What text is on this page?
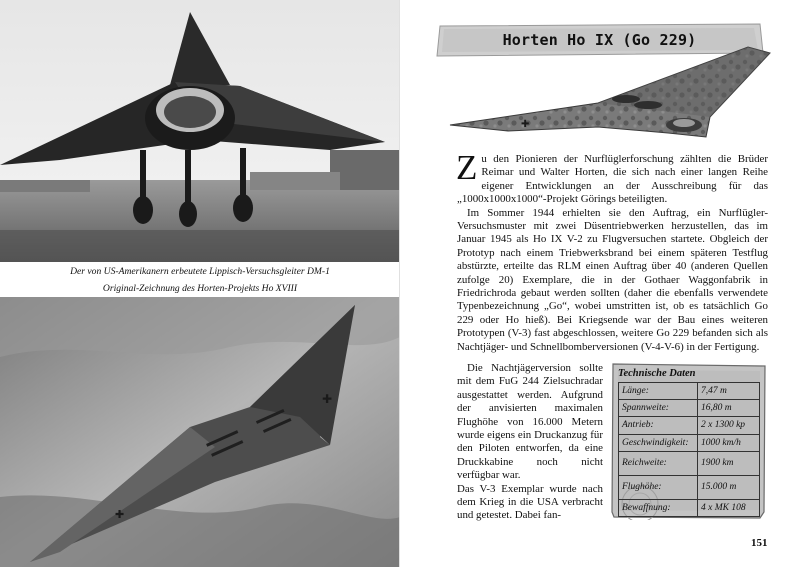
Der von US-Amerikanern erbeutete Lippisch-Versuchsgleiter DM-1
Original-Zeichnung des Horten-Projekts Ho XVIII
✚
✚
Horten Ho IX (Go 229)
✚

Zu den Pionieren der Nurflüglerforschung zählten die Brüder Reimar und Walter Horten, die sich nach einer langen Reihe eigener Entwicklungen an der Ausschreibung für das „1000x1000x1000“-Projekt Görings beteiligten.

Im Sommer 1944 erhielten sie den Auftrag, ein Nurflügler-Versuchsmuster mit zwei Düsentriebwerken herzustellen, das im Januar 1945 als Ho IX V-2 zu Flugversuchen startete. Obgleich der Prototyp nach einem Triebwerksbrand bei einem späteren Testflug abstürzte, erteilte das RLM einen Auftrag über 40 (anderen Quellen zufolge 20) Exemplare, die in der Gothaer Waggonfabrik in Friedrichroda gebaut werden sollten (daher die ebenfalls verwendete Typenbezeichnung „Go“, wobei umstritten ist, ob es tatsächlich Go 229 oder Ho hieß). Bei Kriegsende war der Bau eines weiteren Prototypen (V-3) fast abgeschlossen, weitere Go 229 befanden sich als Nachtjäger- und Schnellbomberversionen (V-4-V-6) in der Fertigung.

Die Nachtjägerversion sollte mit dem FuG 244 Zielsuchradar ausgestattet werden. Aufgrund der anvisierten maximalen Flughöhe von 16.000 Metern wurde eigens ein Druckanzug für den Piloten entworfen, da eine Druckkabine noch nicht verfügbar war.

Das V-3 Exemplar wurde nach dem Krieg in die USA verbracht und getestet. Dabei fan-

Technische Daten
Länge:	7,47 m
Spannweite:	16,80 m
Antrieb:	2 x 1300 kp
Geschwindigkeit:	1000 km/h
Reichweite:	1900 km
Flughöhe:	15.000 m
Bewaffnung:	4 x MK 108
151
